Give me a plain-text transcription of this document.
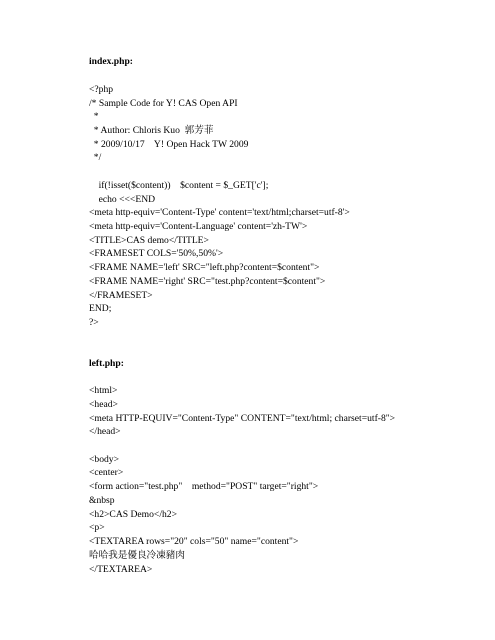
index.php:
<?php
/* Sample Code for Y! CAS Open API
*
* Author: Chloris Kuo  郭芳菲
* 2009/10/17    Y! Open Hack TW 2009
*/
if(!isset($content))    $content = $_GET['c'];
echo <<<END
<meta http-equiv='Content-Type' content='text/html;charset=utf-8'>
<meta http-equiv='Content-Language' content='zh-TW'>
<TITLE>CAS demo</TITLE>
<FRAMESET COLS='50%,50%'>
<FRAME NAME='left' SRC="left.php?content=$content">
<FRAME NAME='right' SRC="test.php?content=$content">
</FRAMESET>
END;
?>
left.php:
<html>
<head>
<meta HTTP-EQUIV="Content-Type" CONTENT="text/html; charset=utf-8">
</head>
<body>
<center>
<form action="test.php"    method="POST" target="right">
&nbsp
<h2>CAS Demo</h2>
<p>
<TEXTAREA rows="20" cols="50" name="content">
哈哈我是優良冷凍豬肉
</TEXTAREA>
